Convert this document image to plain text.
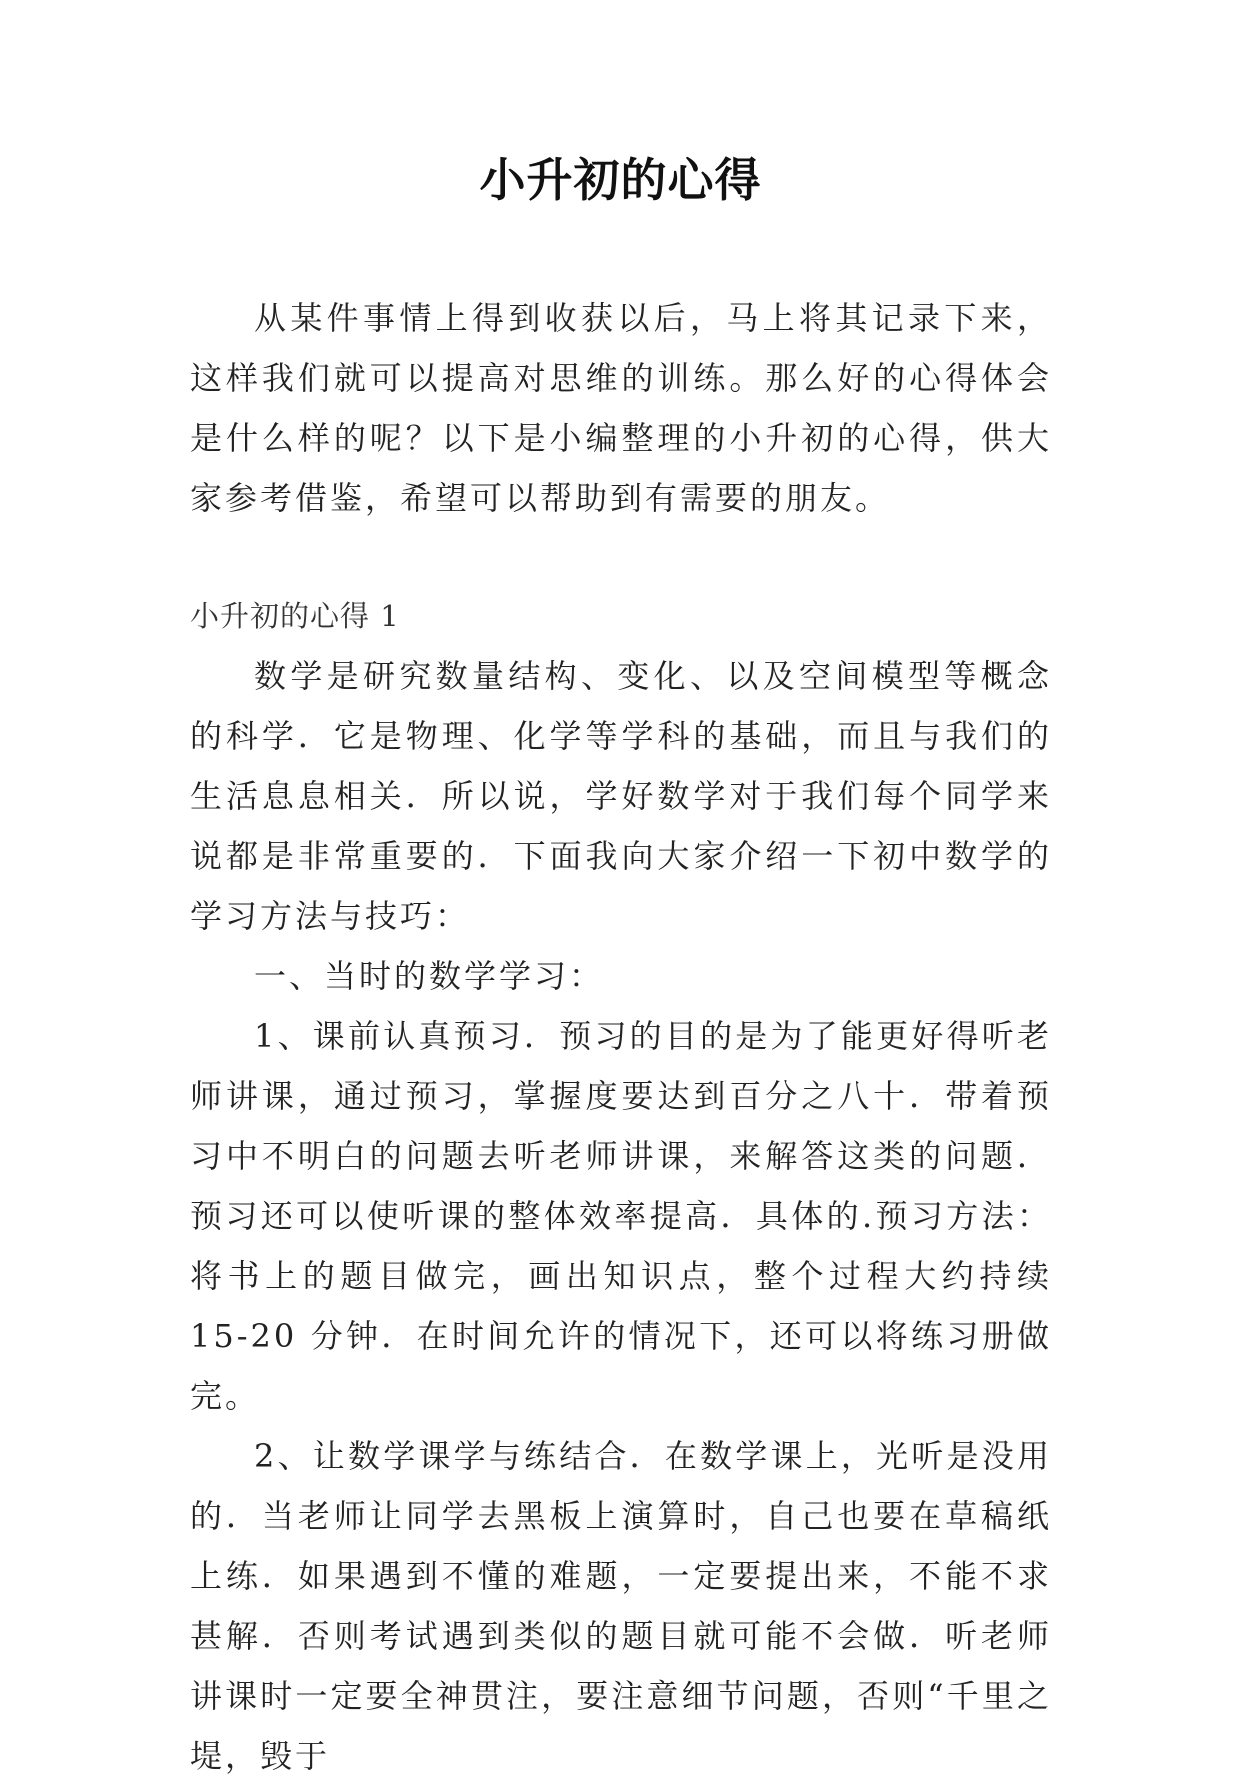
小升初的心得

从某件事情上得到收获以后，马上将其记录下来，这样我们就可以提高对思维的训练。那么好的心得体会是什么样的呢？以下是小编整理的小升初的心得，供大家参考借鉴，希望可以帮助到有需要的朋友。

小升初的心得 1

数学是研究数量结构、变化、以及空间模型等概念的科学．它是物理、化学等学科的基础，而且与我们的生活息息相关．所以说，学好数学对于我们每个同学来说都是非常重要的．下面我向大家介绍一下初中数学的学习方法与技巧：

一、当时的数学学习：

1、课前认真预习．预习的目的是为了能更好得听老师讲课，通过预习，掌握度要达到百分之八十．带着预习中不明白的问题去听老师讲课，来解答这类的问题．预习还可以使听课的整体效率提高．具体的.预习方法：将书上的题目做完，画出知识点，整个过程大约持续 15-20 分钟．在时间允许的情况下，还可以将练习册做完。

2、让数学课学与练结合．在数学课上，光听是没用的．当老师让同学去黑板上演算时，自己也要在草稿纸上练．如果遇到不懂的难题，一定要提出来，不能不求甚解．否则考试遇到类似的题目就可能不会做．听老师讲课时一定要全神贯注，要注意细节问题，否则“千里之堤，毁于
